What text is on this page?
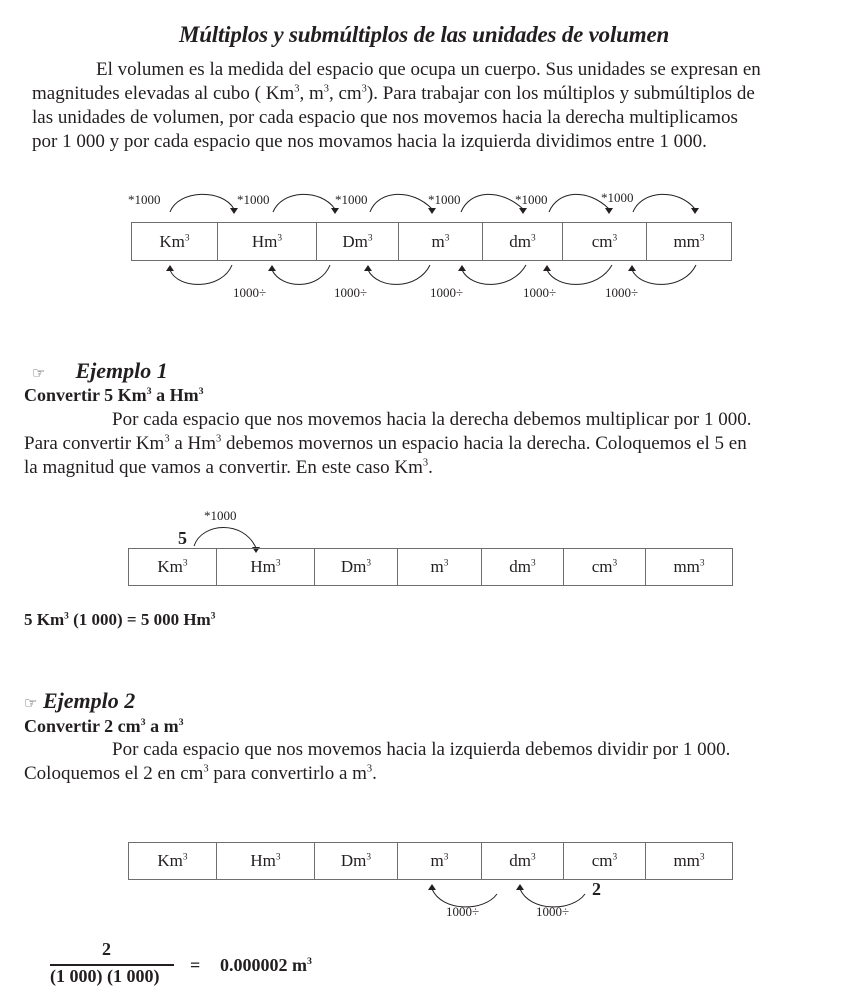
Múltiplos y submúltiplos de las unidades de volumen
El volumen es la medida del espacio que ocupa un cuerpo. Sus unidades se expresan en
magnitudes elevadas al cubo ( Km$^3$, $m^3$, $cm^3$). Para trabajar con los múltiplos y submúltiplos de
las unidades de volumen, por cada espacio que nos movemos hacia la derecha multiplicamos
por 1 000 y por cada espacio que nos movamos hacia la izquierda dividimos entre 1 000.
Km$^3$	Hm$^3$	Dm$^3$	$m^3$	$dm^3$	$cm^3$	$mm^3$
*1000	*1000	*1000	*1000	*1000	*1000
1000÷	1000÷	1000÷	1000÷	1000÷
☞ Ejemplo 1
Convertir 5 Km$^3$ a Hm$^3$
Por cada espacio que nos movemos hacia la derecha debemos multiplicar por 1 000.
Para convertir Km$^3$ a Hm$^3$ debemos movernos un espacio hacia la derecha. Coloquemos el 5 en
la magnitud que vamos a convertir. En este caso Km$^3$.
*1000
5
Km$^3$	Hm$^3$	Dm$^3$	$m^3$	$dm^3$	$cm^3$	$mm^3$
5 Km$^3$ (1 000) = 5 000 Hm$^3$
☞ Ejemplo 2
Convertir 2 $cm^3$ a $m^3$
Por cada espacio que nos movemos hacia la izquierda debemos dividir por 1 000.
Coloquemos el 2 en $cm^3$ para convertirlo a $m^3$.
Km$^3$	Hm$^3$	Dm$^3$	$m^3$	$dm^3$	$cm^3$	$mm^3$
2
1000÷	1000÷
2
(1 000) (1 000)
= 0.000002 $m^3$
